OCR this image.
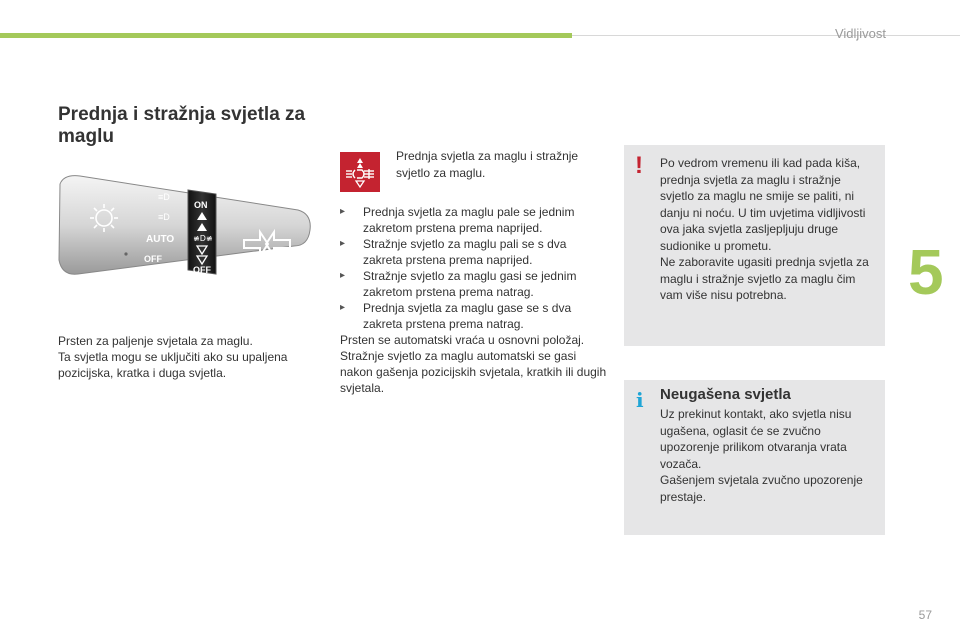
Vidljivost
5
Prednja i stražnja svjetla za maglu
AUTO
OFF
≡D
≡D
ON
≢D≢
OFF

Prsten za paljenje svjetala za maglu.

Ta svjetla mogu se uključiti ako su upaljena pozicijska, kratka i duga svjetla.

Prednja svjetla za maglu i stražnje svjetlo za maglu.
▸ Prednja svjetla za maglu pale se jednim zakretom prstena prema naprijed.
▸ Stražnje svjetlo za maglu pali se s dva zakreta prstena prema naprijed.
▸ Stražnje svjetlo za maglu gasi se jednim zakretom prstena prema natrag.
▸ Prednja svjetla za maglu gase se s dva zakreta prstena prema natrag.

Prsten se automatski vraća u osnovni položaj. Stražnje svjetlo za maglu automatski se gasi nakon gašenja pozicijskih svjetala, kratkih ili dugih svjetala.

! Po vedrom vremenu ili kad pada kiša, prednja svjetla za maglu i stražnje svjetlo za maglu ne smije se paliti, ni danju ni noću. U tim uvjetima vidljivosti ova jaka svjetla zasljepljuju druge sudionike u prometu.

Ne zaboravite ugasiti prednja svjetla za maglu i stražnje svjetlo za maglu čim vam više nisu potrebna.

i Neugašena svjetla

Uz prekinut kontakt, ako svjetla nisu ugašena, oglasit će se zvučno upozorenje prilikom otvaranja vrata vozača.

Gašenjem svjetala zvučno upozorenje prestaje.

57
